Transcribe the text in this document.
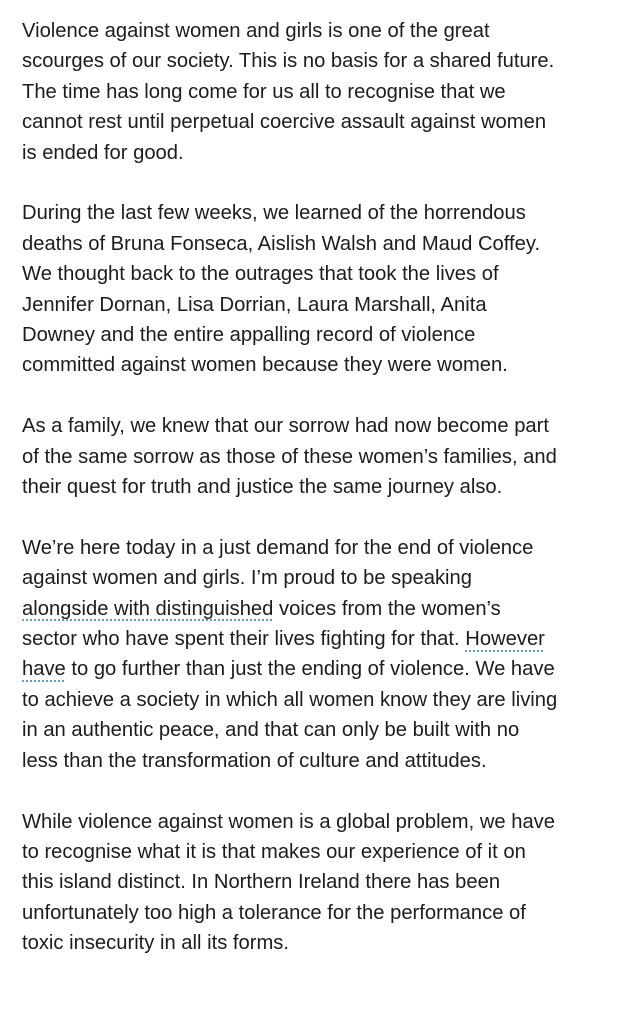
Violence against women and girls is one of the great
scourges of our society. This is no basis for a shared future.
The time has long come for us all to recognise that we
cannot rest until perpetual coercive assault against women
is ended for good.

During the last few weeks, we learned of the horrendous
deaths of Bruna Fonseca, Aislish Walsh and Maud Coffey.
We thought back to the outrages that took the lives of
Jennifer Dornan, Lisa Dorrian, Laura Marshall, Anita
Downey and the entire appalling record of violence
committed against women because they were women.

As a family, we knew that our sorrow had now become part
of the same sorrow as those of these women’s families, and
their quest for truth and justice the same journey also.

We’re here today in a just demand for the end of violence
against women and girls. I’m proud to be speaking
alongside with distinguished voices from the women’s
sector who have spent their lives fighting for that. However
have to go further than just the ending of violence. We have
to achieve a society in which all women know they are living
in an authentic peace, and that can only be built with no
less than the transformation of culture and attitudes.

While violence against women is a global problem, we have
to recognise what it is that makes our experience of it on
this island distinct. In Northern Ireland there has been
unfortunately too high a tolerance for the performance of
toxic insecurity in all its forms.
